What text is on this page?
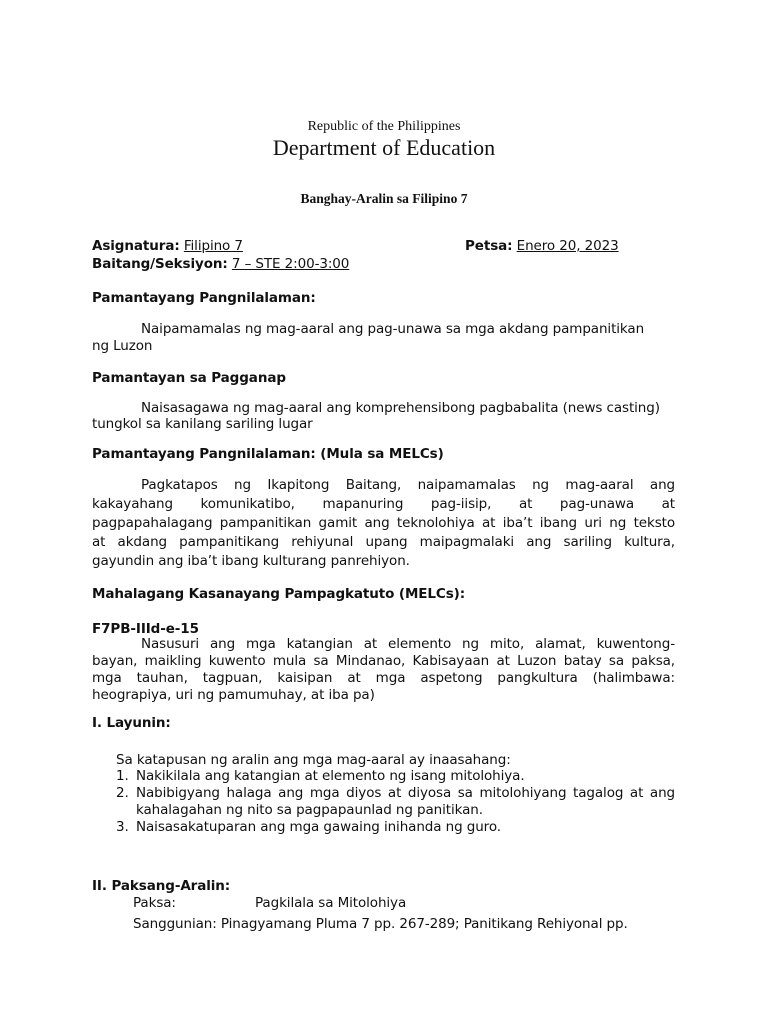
Republic of the Philippines
Department of Education
Banghay-Aralin sa Filipino 7
Asignatura: Filipino 7	Petsa: Enero 20, 2023
Baitang/Seksiyon: 7 – STE 2:00-3:00
Pamantayang Pangnilalaman:
Naipamamalas ng mag-aaral ang pag-unawa sa mga akdang pampanitikan
ng Luzon
Pamantayan sa Pagganap
Naisasagawa ng mag-aaral ang komprehensibong pagbabalita (news casting)
tungkol sa kanilang sariling lugar
Pamantayang Pangnilalaman: (Mula sa MELCs)
Pagkatapos ng Ikapitong Baitang, naipamamalas ng mag-aaral ang
kakayahang komunikatibo, mapanuring pag-iisip, at pag-unawa at
pagpapahalagang pampanitikan gamit ang teknolohiya at iba’t ibang uri ng teksto
at akdang pampanitikang rehiyunal upang maipagmalaki ang sariling kultura,
gayundin ang iba’t ibang kulturang panrehiyon.
Mahalagang Kasanayang Pampagkatuto (MELCs):
F7PB-IIId-e-15
Nasusuri ang mga katangian at elemento ng mito, alamat, kuwentong-
bayan, maikling kuwento mula sa Mindanao, Kabisayaan at Luzon batay sa paksa,
mga tauhan, tagpuan, kaisipan at mga aspetong pangkultura (halimbawa:
heograpiya, uri ng pamumuhay, at iba pa)
I. Layunin:
Sa katapusan ng aralin ang mga mag-aaral ay inaasahang:
1. Nakikilala ang katangian at elemento ng isang mitolohiya.
2. Nabibigyang halaga ang mga diyos at diyosa sa mitolohiyang tagalog at ang
kahalagahan ng nito sa pagpapaunlad ng panitikan.
3. Naisasakatuparan ang mga gawaing inihanda ng guro.
II. Paksang-Aralin:
Paksa:	Pagkilala sa Mitolohiya
Sanggunian: Pinagyamang Pluma 7 pp. 267-289; Panitikang Rehiyonal pp.
